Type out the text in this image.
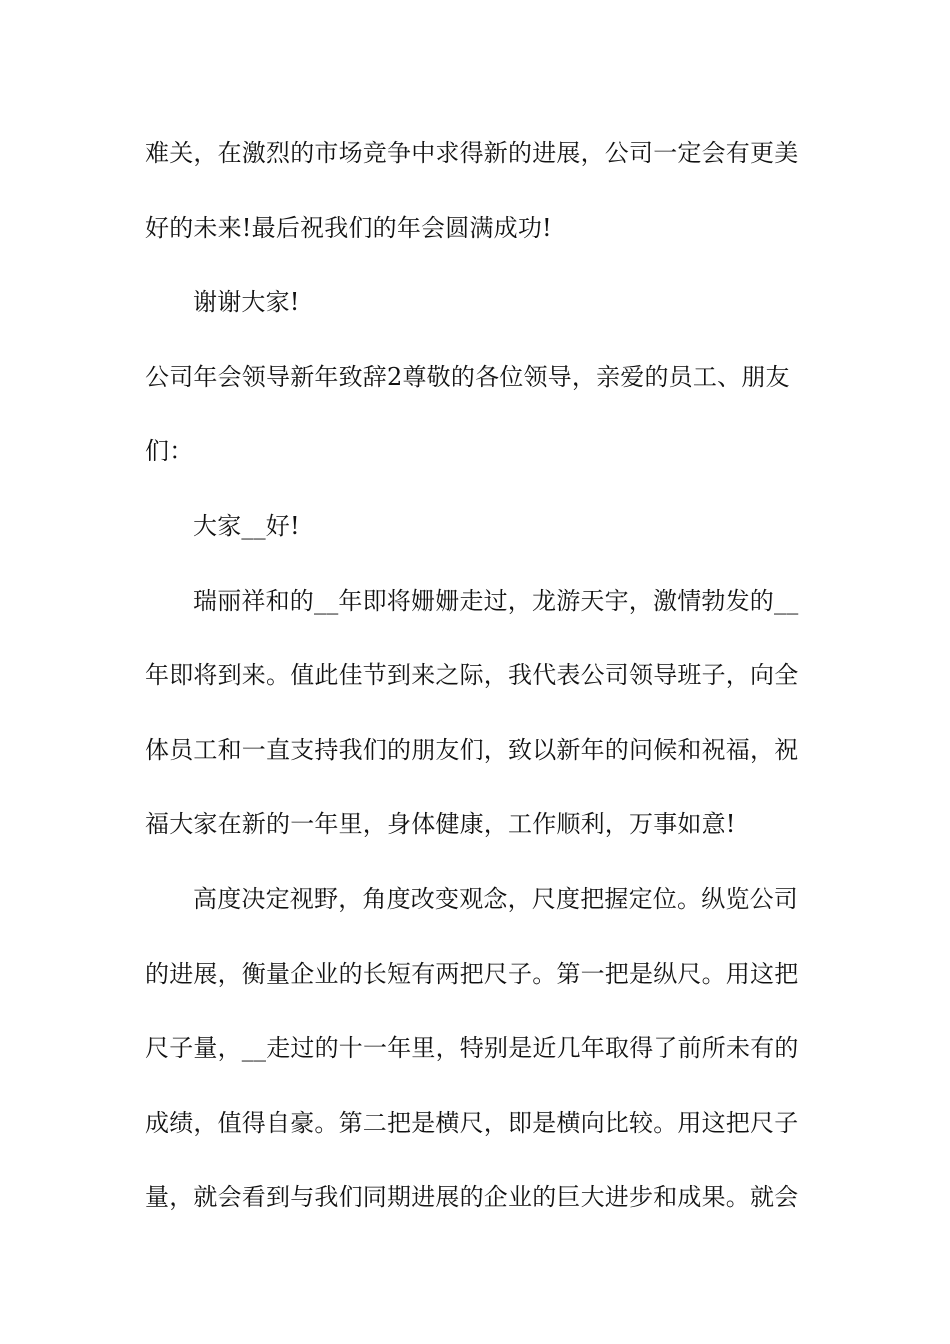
难关，在激烈的市场竞争中求得新的进展，公司一定会有更美
好的未来!最后祝我们的年会圆满成功!
谢谢大家!
公司年会领导新年致辞2尊敬的各位领导，亲爱的员工、朋友
们：
大家__好!
瑞丽祥和的__年即将姗姗走过，龙游天宇，激情勃发的__
年即将到来。值此佳节到来之际，我代表公司领导班子，向全
体员工和一直支持我们的朋友们，致以新年的问候和祝福，祝
福大家在新的一年里，身体健康，工作顺利，万事如意!
高度决定视野，角度改变观念，尺度把握定位。纵览公司
的进展，衡量企业的长短有两把尺子。第一把是纵尺。用这把
尺子量，__走过的十一年里，特别是近几年取得了前所未有的
成绩，值得自豪。第二把是横尺，即是横向比较。用这把尺子
量，就会看到与我们同期进展的企业的巨大进步和成果。就会
